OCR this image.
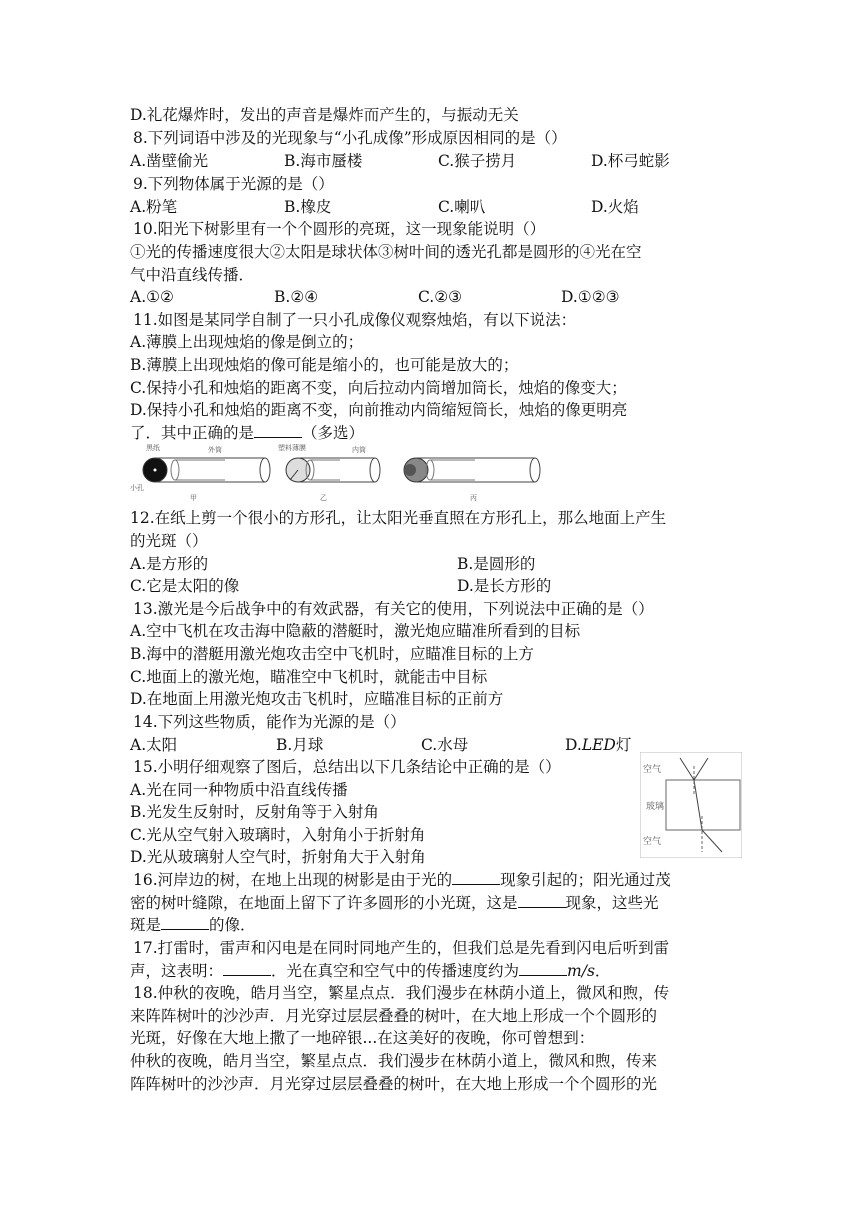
D.礼花爆炸时，发出的声音是爆炸而产生的，与振动无关
8.下列词语中涉及的光现象与“小孔成像”形成原因相同的是（）
A.凿壁偷光	B.海市蜃楼	C.猴子捞月	D.杯弓蛇影
9.下列物体属于光源的是（）
A.粉笔	B.橡皮	C.喇叭	D.火焰
10.阳光下树影里有一个个圆形的亮斑，这一现象能说明（）
①光的传播速度很大②太阳是球状体③树叶间的透光孔都是圆形的④光在空
气中沿直线传播．
A.①②	B.②④	C.②③	D.①②③
11.如图是某同学自制了一只小孔成像仪观察烛焰，有以下说法：
A.薄膜上出现烛焰的像是倒立的；
B.薄膜上出现烛焰的像可能是缩小的，也可能是放大的；
C.保持小孔和烛焰的距离不变，向后拉动内筒增加筒长，烛焰的像变大；
D.保持小孔和烛焰的距离不变，向前推动内筒缩短筒长，烛焰的像更明亮
了．其中正确的是	（多选）
黑纸	外筒
小孔
甲
塑料薄膜	内筒
乙	丙
12.在纸上剪一个很小的方形孔，让太阳光垂直照在方形孔上，那么地面上产生
的光斑（）
A.是方形的	B.是圆形的
C.它是太阳的像	D.是长方形的
13.激光是今后战争中的有效武器，有关它的使用，下列说法中正确的是（）
A.空中飞机在攻击海中隐蔽的潜艇时，激光炮应瞄准所看到的目标
B.海中的潜艇用激光炮攻击空中飞机时，应瞄准目标的上方
C.地面上的激光炮，瞄准空中飞机时，就能击中目标
D.在地面上用激光炮攻击飞机时，应瞄准目标的正前方
14.下列这些物质，能作为光源的是（）
A.太阳	B.月球	C.水母	D.LED灯
15.小明仔细观察了图后，总结出以下几条结论中正确的是（）
A.光在同一种物质中沿直线传播
B.光发生反射时，反射角等于入射角
C.光从空气射入玻璃时，入射角小于折射角
D.光从玻璃射人空气时，折射角大于入射角
空气
玻璃
空气
16.河岸边的树，在地上出现的树影是由于光的	现象引起的；阳光通过茂
密的树叶缝隙，在地面上留下了许多圆形的小光斑，这是	现象，这些光
斑是	的像．
17.打雷时，雷声和闪电是在同时同地产生的，但我们总是先看到闪电后听到雷
声，这表明：	．光在真空和空气中的传播速度约为	m/s．
18.仲秋的夜晚，皓月当空，繁星点点．我们漫步在林荫小道上，微风和煦，传
来阵阵树叶的沙沙声．月光穿过层层叠叠的树叶，在大地上形成一个个圆形的
光斑，好像在大地上撒了一地碎银...在这美好的夜晚，你可曾想到：
仲秋的夜晚，皓月当空，繁星点点．我们漫步在林荫小道上，微风和煦，传来
阵阵树叶的沙沙声．月光穿过层层叠叠的树叶，在大地上形成一个个圆形的光
